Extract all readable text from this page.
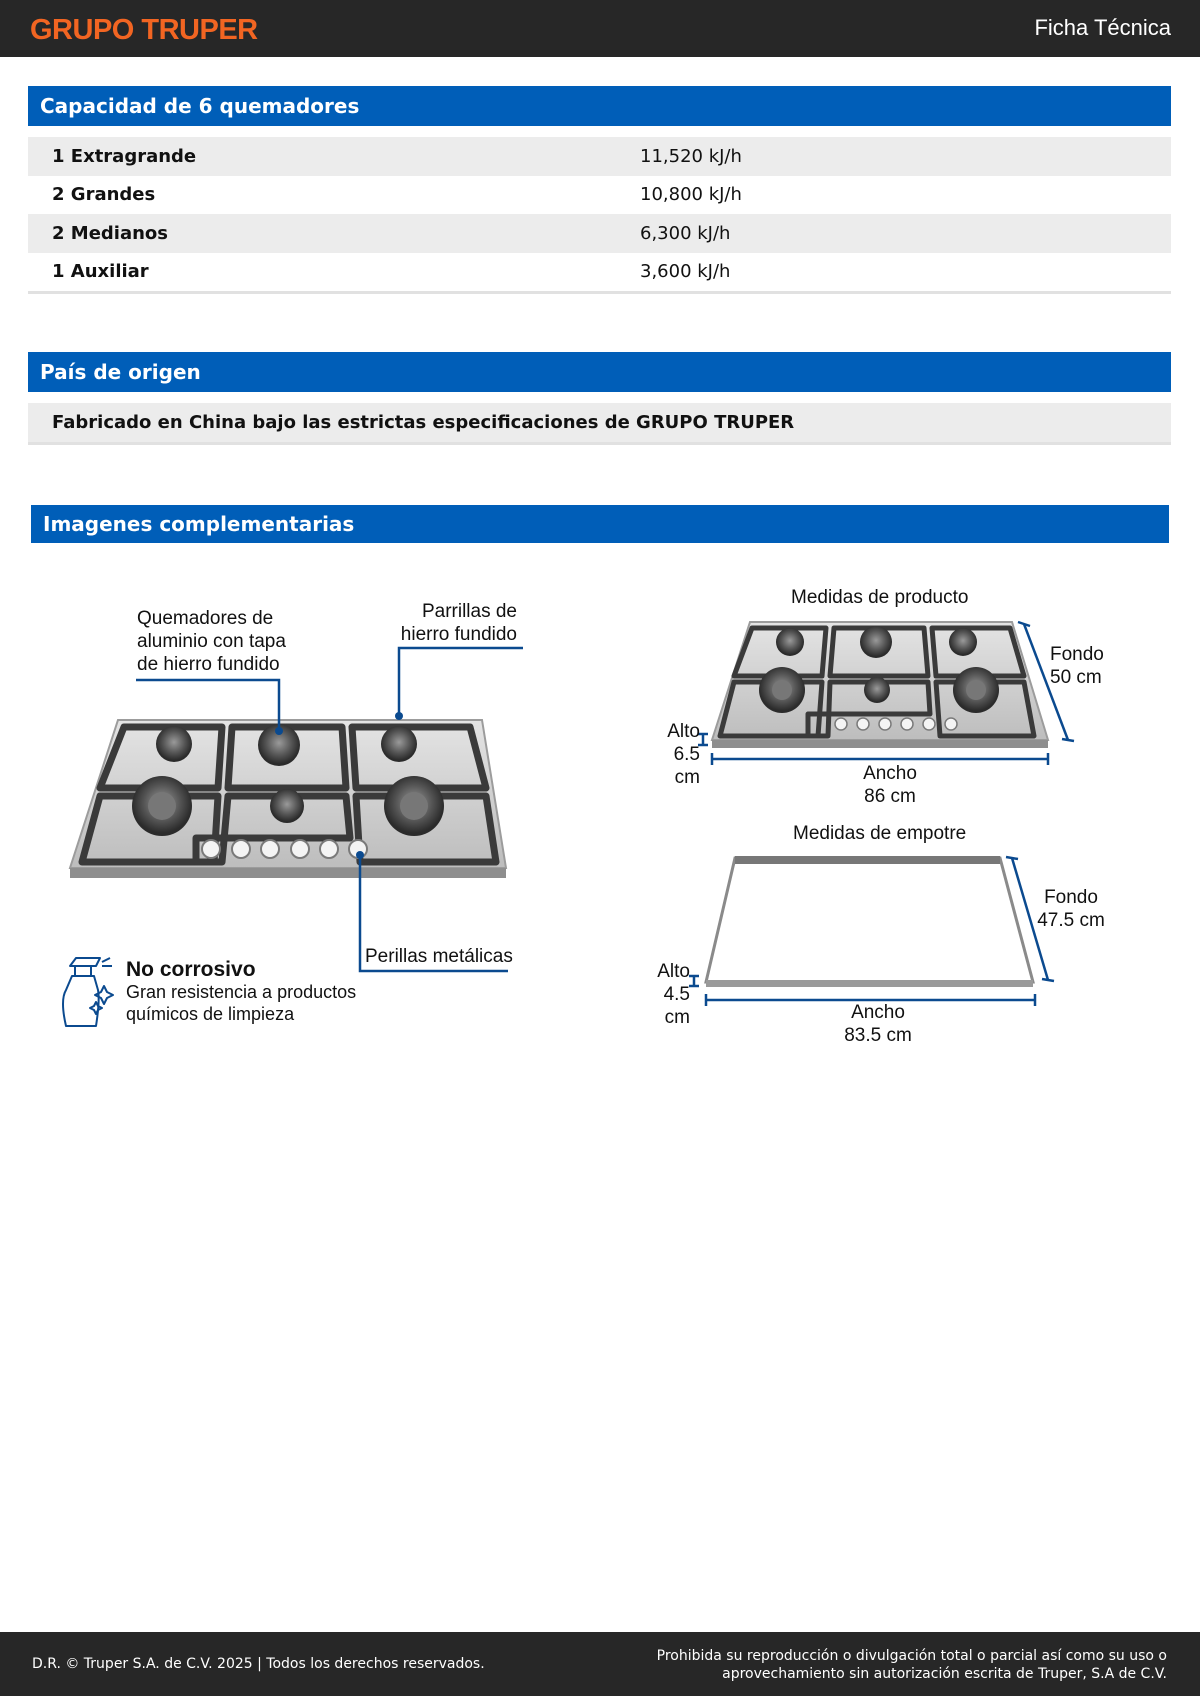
GRUPO TRUPER	Ficha Técnica
Capacidad de 6 quemadores
1 Extragrande	11,520 kJ/h
2 Grandes	10,800 kJ/h
2 Medianos	6,300 kJ/h
1 Auxiliar	3,600 kJ/h
País de origen
Fabricado en China bajo las estrictas especificaciones de GRUPO TRUPER
Imagenes complementarias
Quemadores de
aluminio con tapa
de hierro fundido
Parrillas de
hierro fundido
Perillas metálicas
No corrosivo
Gran resistencia a productos
químicos de limpieza
Medidas de producto
Fondo
50 cm
Alto
6.5 cm	Ancho
86 cm
Medidas de empotre
Fondo
47.5 cm
Alto
4.5 cm	Ancho
83.5 cm
D.R. © Truper S.A. de C.V. 2025 | Todos los derechos reservados.	Prohibida su reproducción o divulgación total o parcial así como su uso o
aprovechamiento sin autorización escrita de Truper, S.A de C.V.
